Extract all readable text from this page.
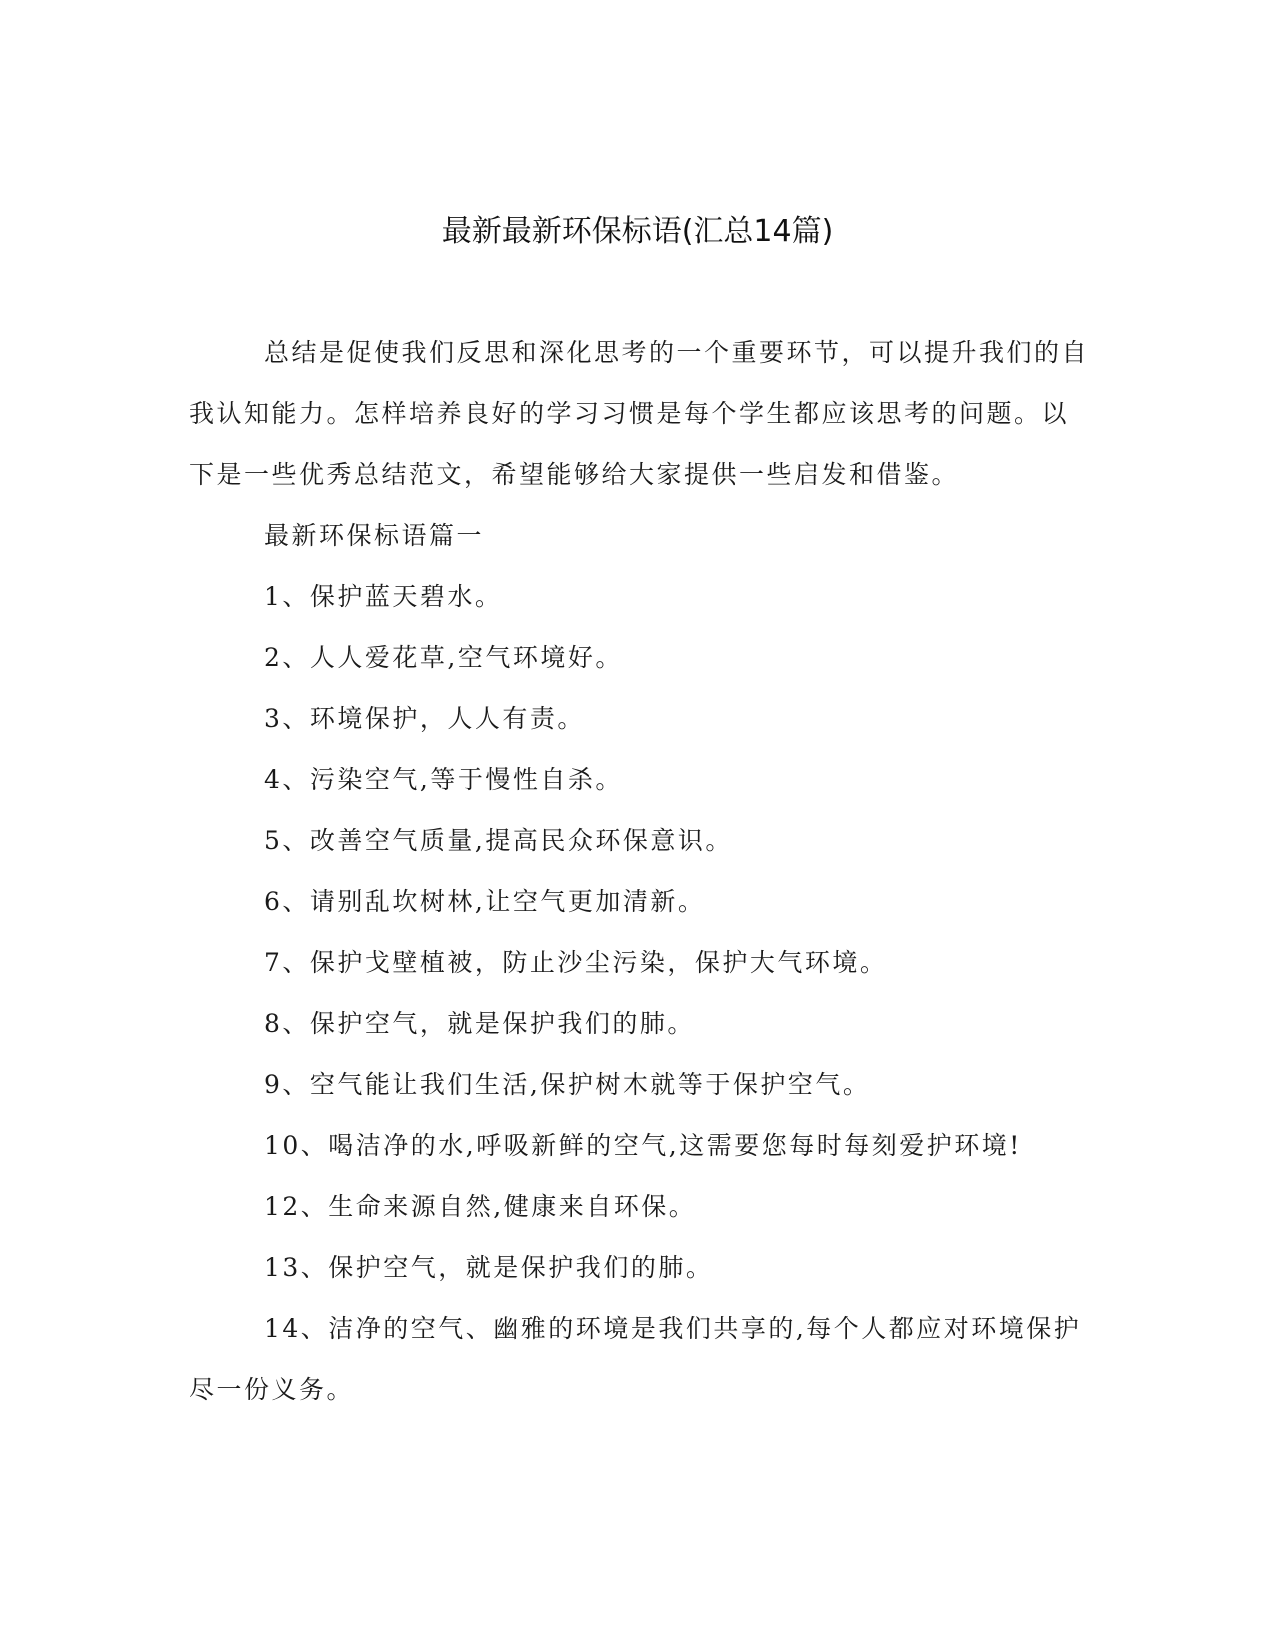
最新最新环保标语(汇总14篇)

总结是促使我们反思和深化思考的一个重要环节，可以提升我们的自我认知能力。怎样培养良好的学习习惯是每个学生都应该思考的问题。以下是一些优秀总结范文，希望能够给大家提供一些启发和借鉴。

最新环保标语篇一

1、保护蓝天碧水。

2、人人爱花草,空气环境好。

3、环境保护，人人有责。

4、污染空气,等于慢性自杀。

5、改善空气质量,提高民众环保意识。

6、请别乱坎树林,让空气更加清新。

7、保护戈壁植被，防止沙尘污染，保护大气环境。

8、保护空气，就是保护我们的肺。

9、空气能让我们生活,保护树木就等于保护空气。

10、喝洁净的水,呼吸新鲜的空气,这需要您每时每刻爱护环境!

12、生命来源自然,健康来自环保。

13、保护空气，就是保护我们的肺。

14、洁净的空气、幽雅的环境是我们共享的,每个人都应对环境保护尽一份义务。
